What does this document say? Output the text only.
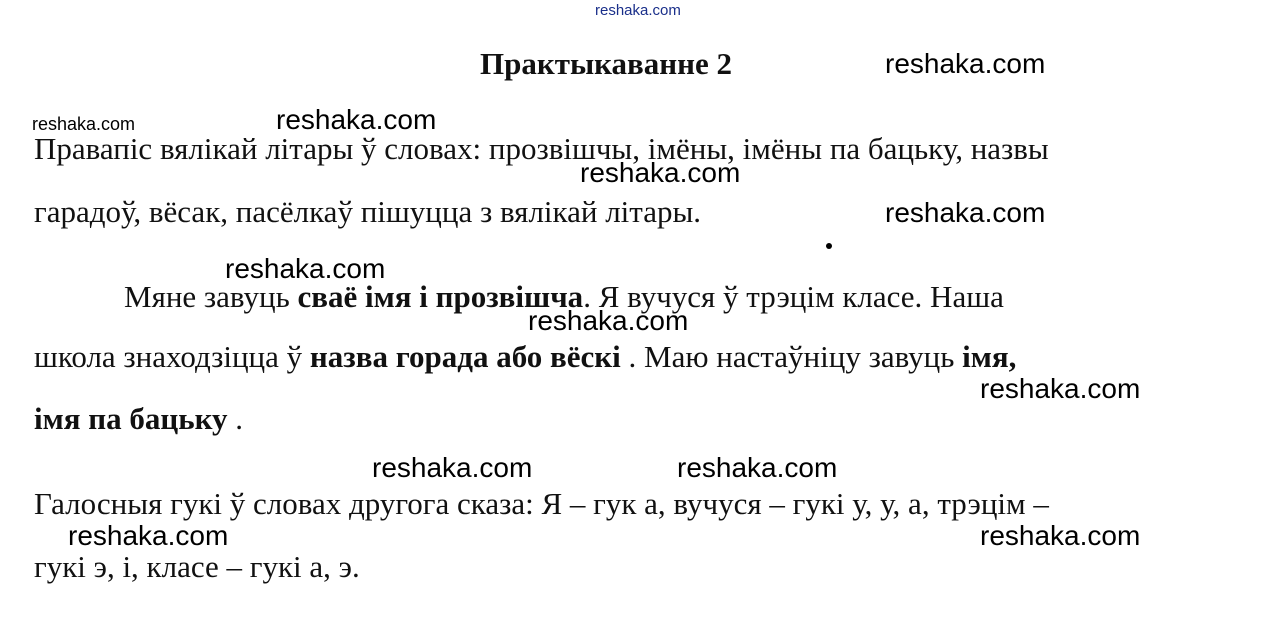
reshaka.com
Практыкаванне 2
Правапіс вялікай літары ў словах: прозвішчы, імёны, імёны па бацьку, назвы
гарадоў, вёсак, пасёлкаў пішуцца з вялікай літары.
Мяне завуць сваё імя і прозвішча. Я вучуся ў трэцім класе. Наша
школа знаходзіцца ў назва горада або вёскі . Маю настаўніцу завуць імя,
імя па бацьку .
Галосныя гукі ў словах другога сказа: Я – гук а, вучуся – гукі у, у, а, трэцім –
гукі э, і, класе – гукі а, э.
reshaka.com
reshaka.com	reshaka.com
reshaka.com
reshaka.com
reshaka.com
reshaka.com
reshaka.com
reshaka.com	reshaka.com
reshaka.com	reshaka.com
